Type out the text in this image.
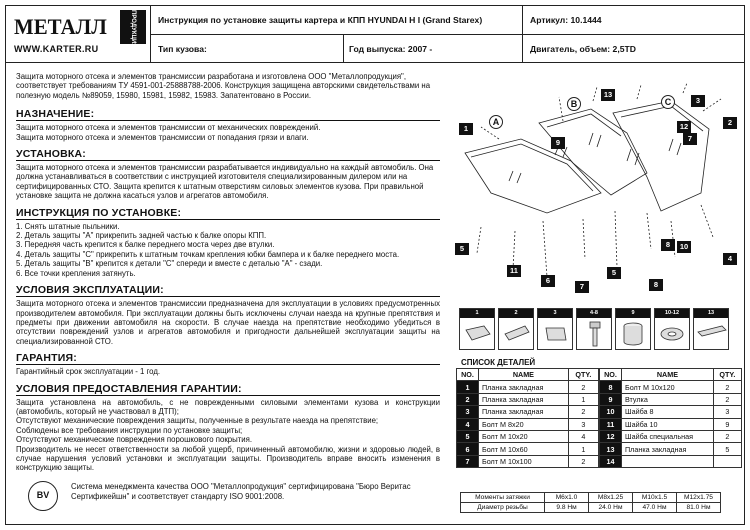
МЕТАЛЛ	ПРОДУКЦИЯ
WWW.KARTER.RU
Инструкция по установке защиты картера и КПП HYUNDAI H I (Grand Starex)	Артикул: 10.1444
Тип кузова:	Год выпуска: 2007 -	Двигатель, объем: 2,5TD

Защита моторного отсека и элементов трансмиссии разработана и изготовлена ООО "Металлопродукция", соответствует требованиям ТУ 4591-001-25888788-2006. Конструкция защищена авторскими свидетельствами на полезную модель №89059, 15980, 15981, 15982, 15983. Запатентовано в России.

НАЗНАЧЕНИЕ:
Защита моторного отсека и элементов трансмиссии от механических повреждений.
Защита моторного отсека и элементов трансмиссии от попадания грязи и влаги.
УСТАНОВКА:

Защита моторного отсека и элементов трансмиссии разрабатывается индивидуально на каждый автомобиль. Она должна устанавливаться в соответствии с инструкцией изготовителя специализированным дилером или на сертифицированных СТО. Защита крепится к штатным отверстиям силовых элементов кузова. При правильной установке защита не должна касаться узлов и агрегатов автомобиля.

ИНСТРУКЦИЯ ПО УСТАНОВКЕ:
1. Снять штатные пыльники.
2. Деталь защиты "А" прикрепить задней частью к балке опоры КПП.
3. Передняя часть крепится к балке переднего моста через две втулки.
4. Деталь защиты "С" прикрепить к штатным точкам крепления юбки бампера и к балке переднего моста.
5. Деталь защиты "В" крепится к детали "С" спереди и вместе с деталью "А" - сзади.
6. Все точки крепления затянуть.
УСЛОВИЯ ЭКСПЛУАТАЦИИ:

Защита моторного отсека и элементов трансмиссии предназначена для эксплуатации в условиях предусмотренных производителем автомобиля. При эксплуатации должны быть исключены случаи наезда на крупные препятствия и предметы при движении автомобиля на скорости. В случае наезда на препятствие необходимо убедиться в отсутствии повреждений узлов и агрегатов автомобиля и пригодности дальнейшей эксплуатации защиты на специализированной СТО.

ГАРАНТИЯ:
Гарантийный срок эксплуатации - 1 год.
УСЛОВИЯ ПРЕДОСТАВЛЕНИЯ ГАРАНТИИ:
Защита установлена на автомобиль, с не поврежденными силовыми элементами кузова и конструкции (автомобиль, который не участвовал в ДТП);
Отсутствуют механические повреждения защиты, полученные в результате наезда на препятствие;
Соблюдены все требования инструкции по установке защиты;
Отсутствуют механические повреждения порошкового покрытия.
Производитель не несет ответственности за любой ущерб, причиненный автомобилю, жизни и здоровью людей, в случае нарушения условий установки и эксплуатации защиты. Производитель вправе вносить изменения в конструкцию защиты.
BV
Система менеджмента качества ООО "Металлопродукция" сертифицирована "Бюро Веритас Сертификейшн" и соответствует стандарту ISO 9001:2008.
A
B	C
1
9
13
3
2
12
7
8	10
4
5
11
6
7
5
8
1	2	3	4-8	9	10-12	13
СПИСОК ДЕТАЛЕЙ
NO.	NAME	QTY.
1	Планка закладная	2
2	Планка закладная	1
3	Планка закладная	2
4	Болт М 8х20	3
5	Болт М 10х20	4
6	Болт М 10х60	1
7	Болт М 10х100	2
NO.	NAME	QTY.
8	Болт М 10х120	2
9	Втулка	2
10	Шайба 8	3
11	Шайба 10	9
12	Шайба специальная	2
13	Планка закладная	5
14		
Моменты затяжки	M6x1.0	M8x1.25	M10x1.5	M12x1.75
Диаметр резьбы	9.8 Нм	24.0 Нм	47.0 Нм	81.0 Нм
